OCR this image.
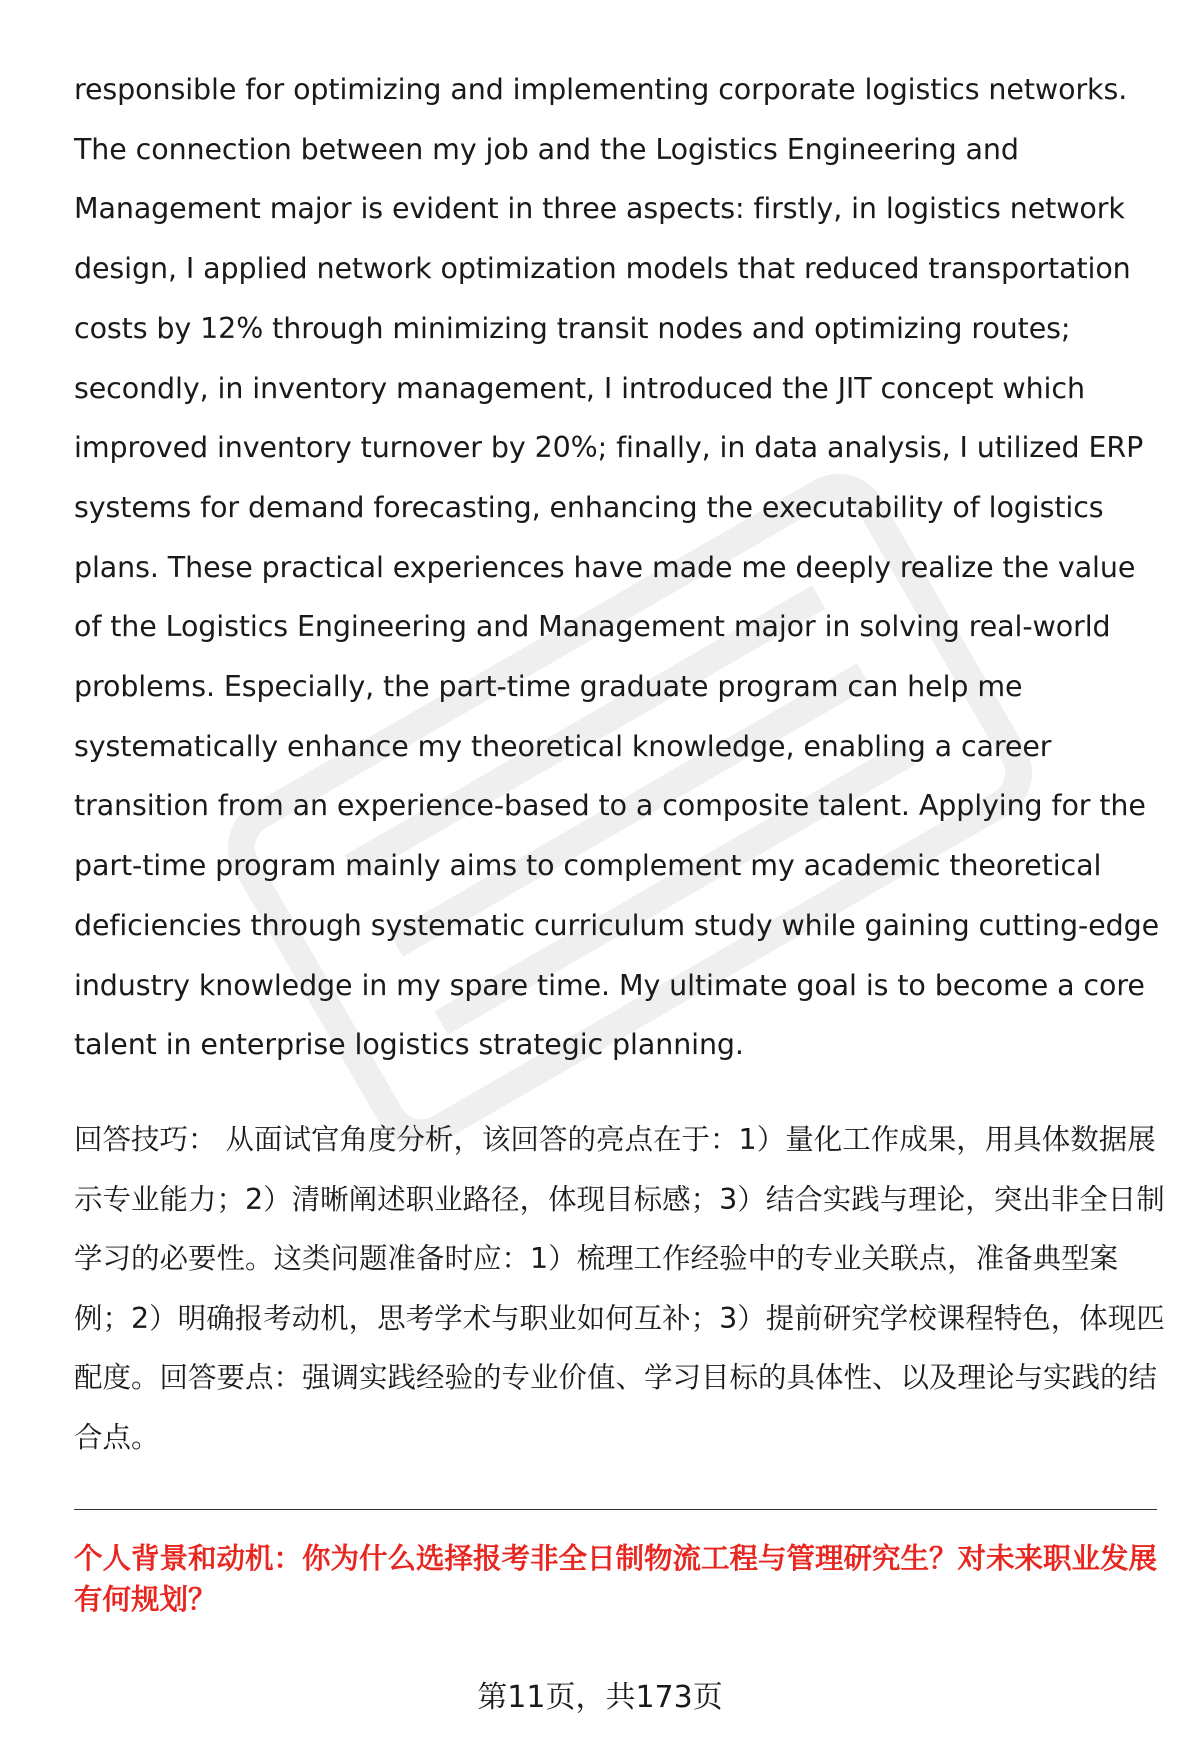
responsible for optimizing and implementing corporate logistics networks. The connection between my job and the Logistics Engineering and Management major is evident in three aspects: firstly, in logistics network design, I applied network optimization models that reduced transportation costs by 12% through minimizing transit nodes and optimizing routes; secondly, in inventory management, I introduced the JIT concept which improved inventory turnover by 20%; finally, in data analysis, I utilized ERP systems for demand forecasting, enhancing the executability of logistics plans. These practical experiences have made me deeply realize the value of the Logistics Engineering and Management major in solving real-world problems. Especially, the part-time graduate program can help me systematically enhance my theoretical knowledge, enabling a career transition from an experience-based to a composite talent. Applying for the part-time program mainly aims to complement my academic theoretical deficiencies through systematic curriculum study while gaining cutting-edge industry knowledge in my spare time. My ultimate goal is to become a core talent in enterprise logistics strategic planning.

回答技巧： 从面试官角度分析，该回答的亮点在于：1）量化工作成果，用具体数据展示专业能力；2）清晰阐述职业路径，体现目标感；3）结合实践与理论，突出非全日制学习的必要性。这类问题准备时应：1）梳理工作经验中的专业关联点，准备典型案例；2）明确报考动机，思考学术与职业如何互补；3）提前研究学校课程特色，体现匹配度。回答要点：强调实践经验的专业价值、学习目标的具体性、以及理论与实践的结合点。

个人背景和动机：你为什么选择报考非全日制物流工程与管理研究生？对未来职业发展有何规划？

第11页，共173页
